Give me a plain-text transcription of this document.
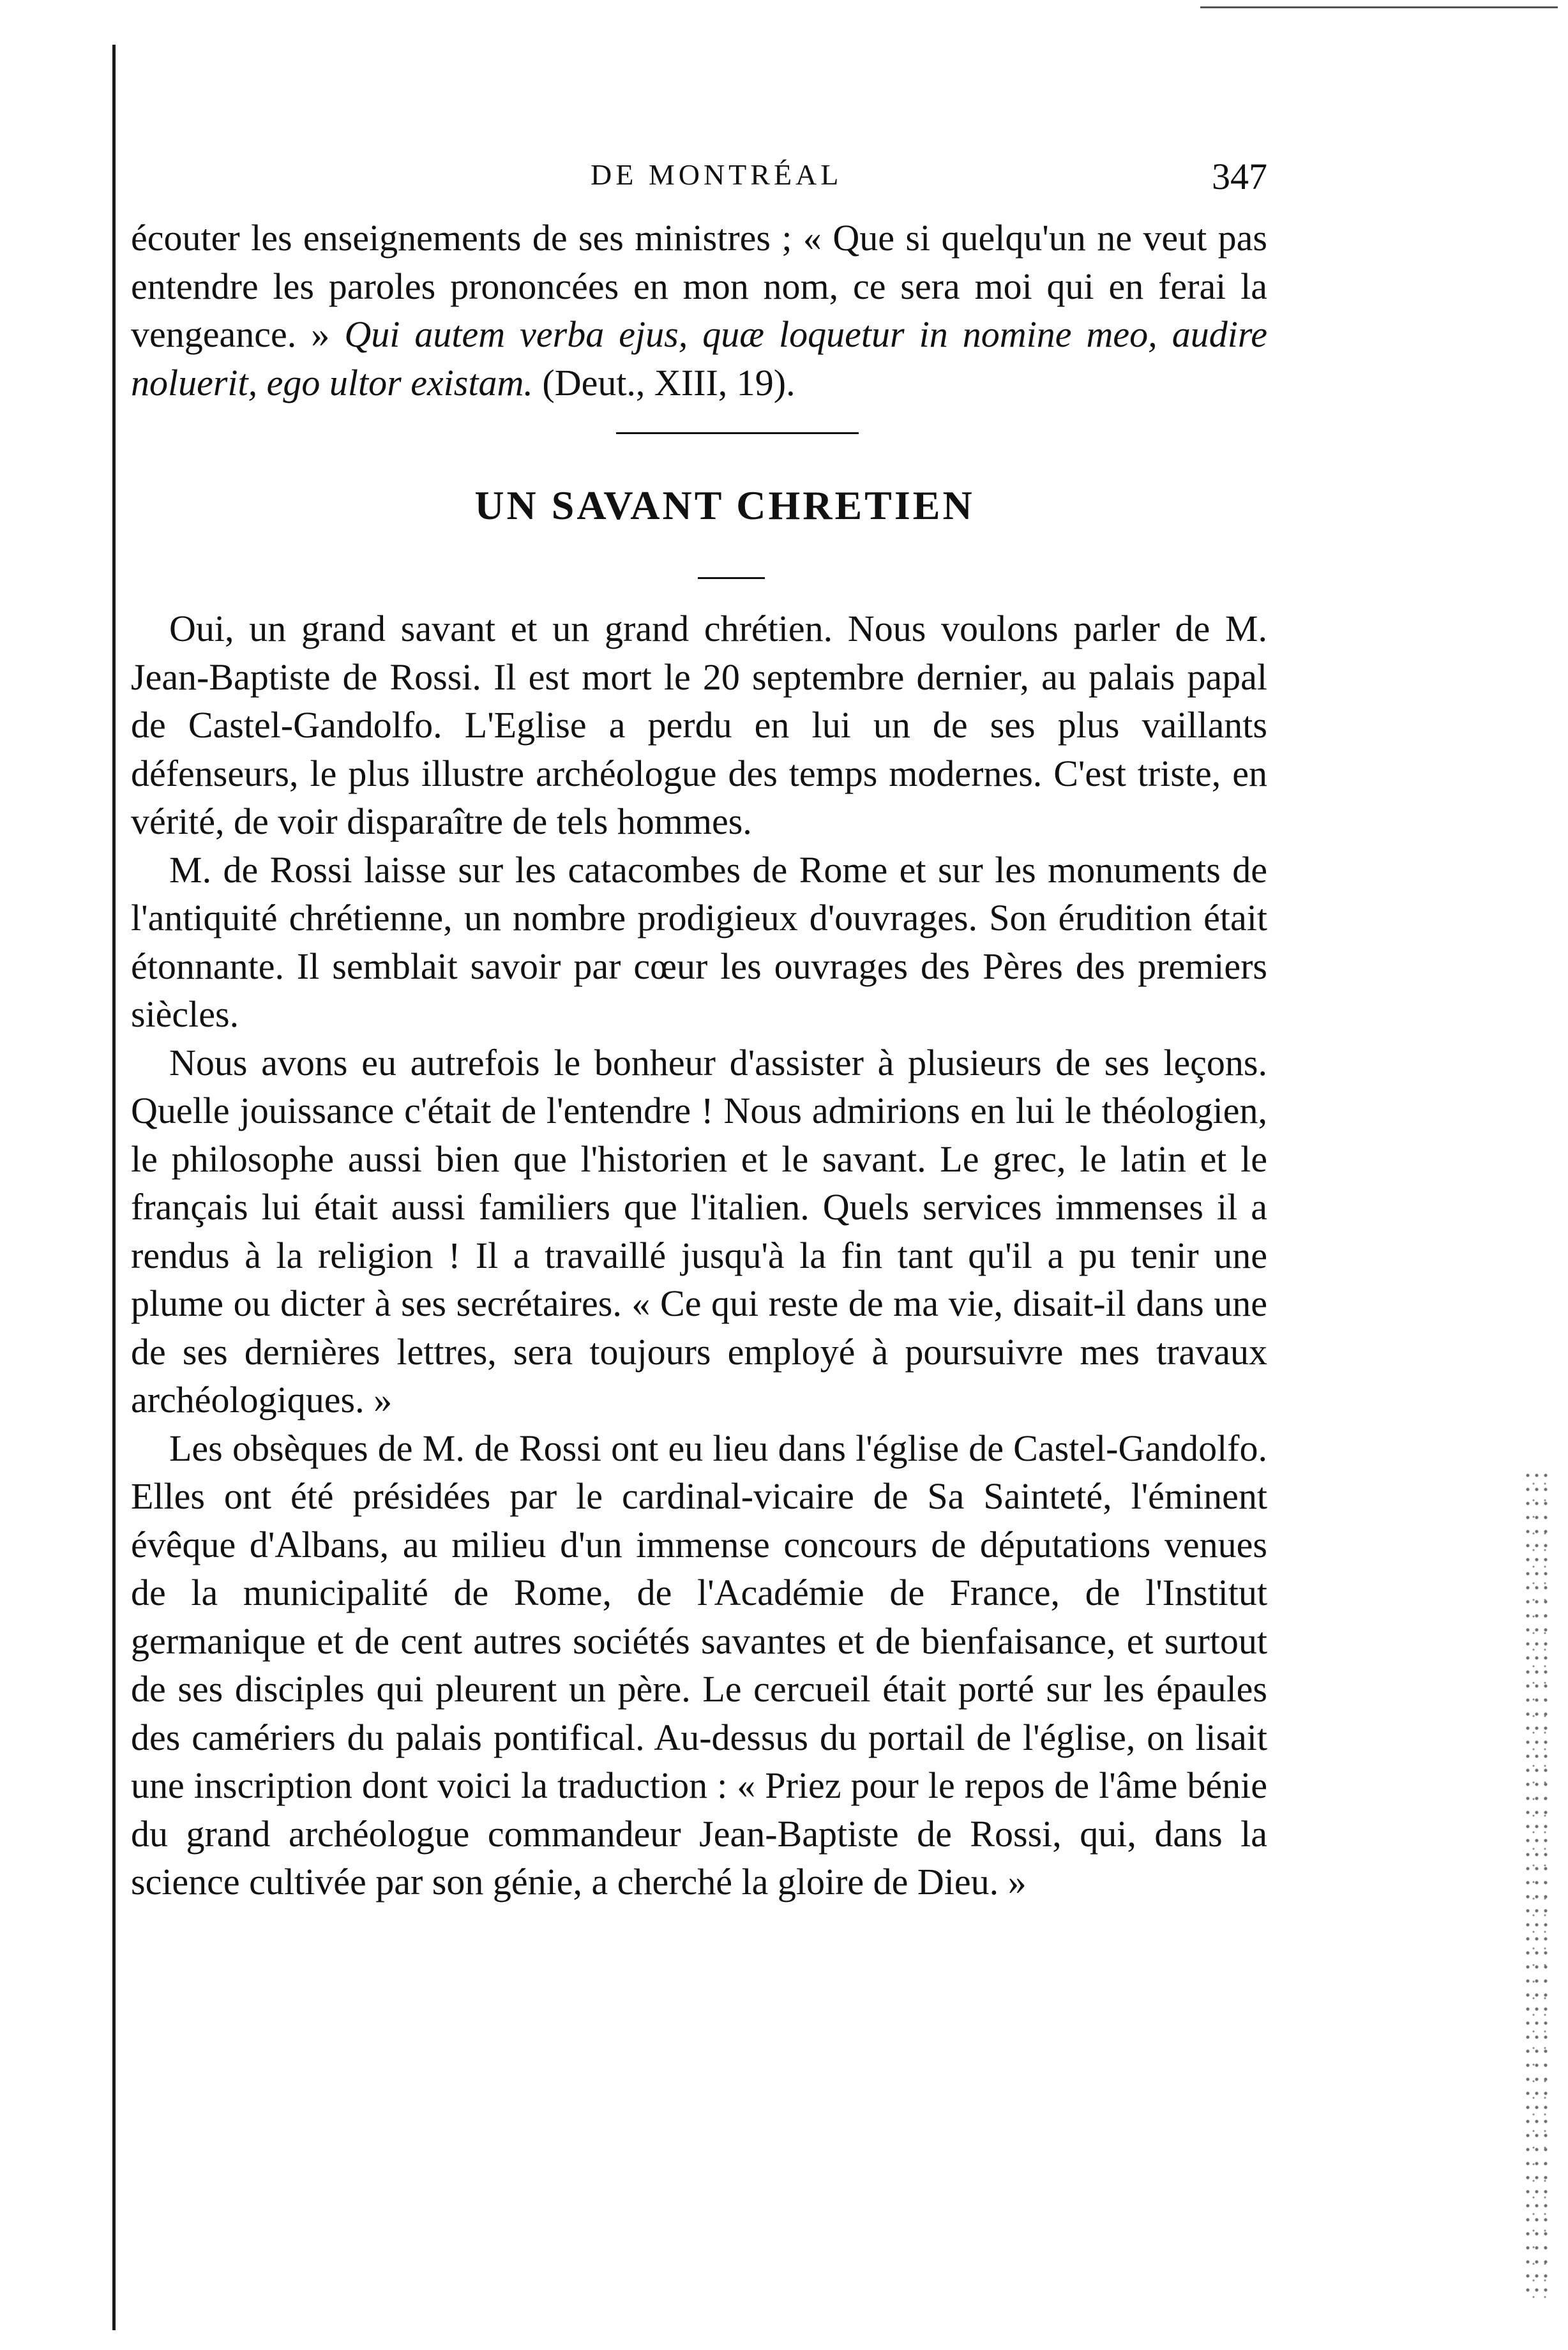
DE MONTRÉAL	347

écouter les enseignements de ses ministres ; « Que si quelqu'un ne veut pas entendre les paroles prononcées en mon nom, ce sera moi qui en ferai la vengeance. » Qui autem verba ejus, quæ loquetur in nomine meo, audire noluerit, ego ultor existam. (Deut., XIII, 19).

UN SAVANT CHRETIEN

Oui, un grand savant et un grand chrétien. Nous voulons parler de M. Jean-Baptiste de Rossi. Il est mort le 20 septembre dernier, au palais papal de Castel-Gandolfo. L'Eglise a perdu en lui un de ses plus vaillants défenseurs, le plus illustre archéologue des temps modernes. C'est triste, en vérité, de voir disparaître de tels hommes.

M. de Rossi laisse sur les catacombes de Rome et sur les monuments de l'antiquité chrétienne, un nombre prodigieux d'ouvrages. Son érudition était étonnante. Il semblait savoir par cœur les ouvrages des Pères des premiers siècles.

Nous avons eu autrefois le bonheur d'assister à plusieurs de ses leçons. Quelle jouissance c'était de l'entendre ! Nous admirions en lui le théologien, le philosophe aussi bien que l'historien et le savant. Le grec, le latin et le français lui était aussi familiers que l'italien. Quels services immenses il a rendus à la religion ! Il a travaillé jusqu'à la fin tant qu'il a pu tenir une plume ou dicter à ses secrétaires. « Ce qui reste de ma vie, disait-il dans une de ses dernières lettres, sera toujours employé à poursuivre mes travaux archéologiques. »

Les obsèques de M. de Rossi ont eu lieu dans l'église de Castel-Gandolfo. Elles ont été présidées par le cardinal-vicaire de Sa Sainteté, l'éminent évêque d'Albans, au milieu d'un immense concours de députations venues de la municipalité de Rome, de l'Académie de France, de l'Institut germanique et de cent autres sociétés savantes et de bienfaisance, et surtout de ses disciples qui pleurent un père. Le cercueil était porté sur les épaules des camériers du palais pontifical. Au-dessus du portail de l'église, on lisait une inscription dont voici la traduction : « Priez pour le repos de l'âme bénie du grand archéologue commandeur Jean-Baptiste de Rossi, qui, dans la science cultivée par son génie, a cherché la gloire de Dieu. »
